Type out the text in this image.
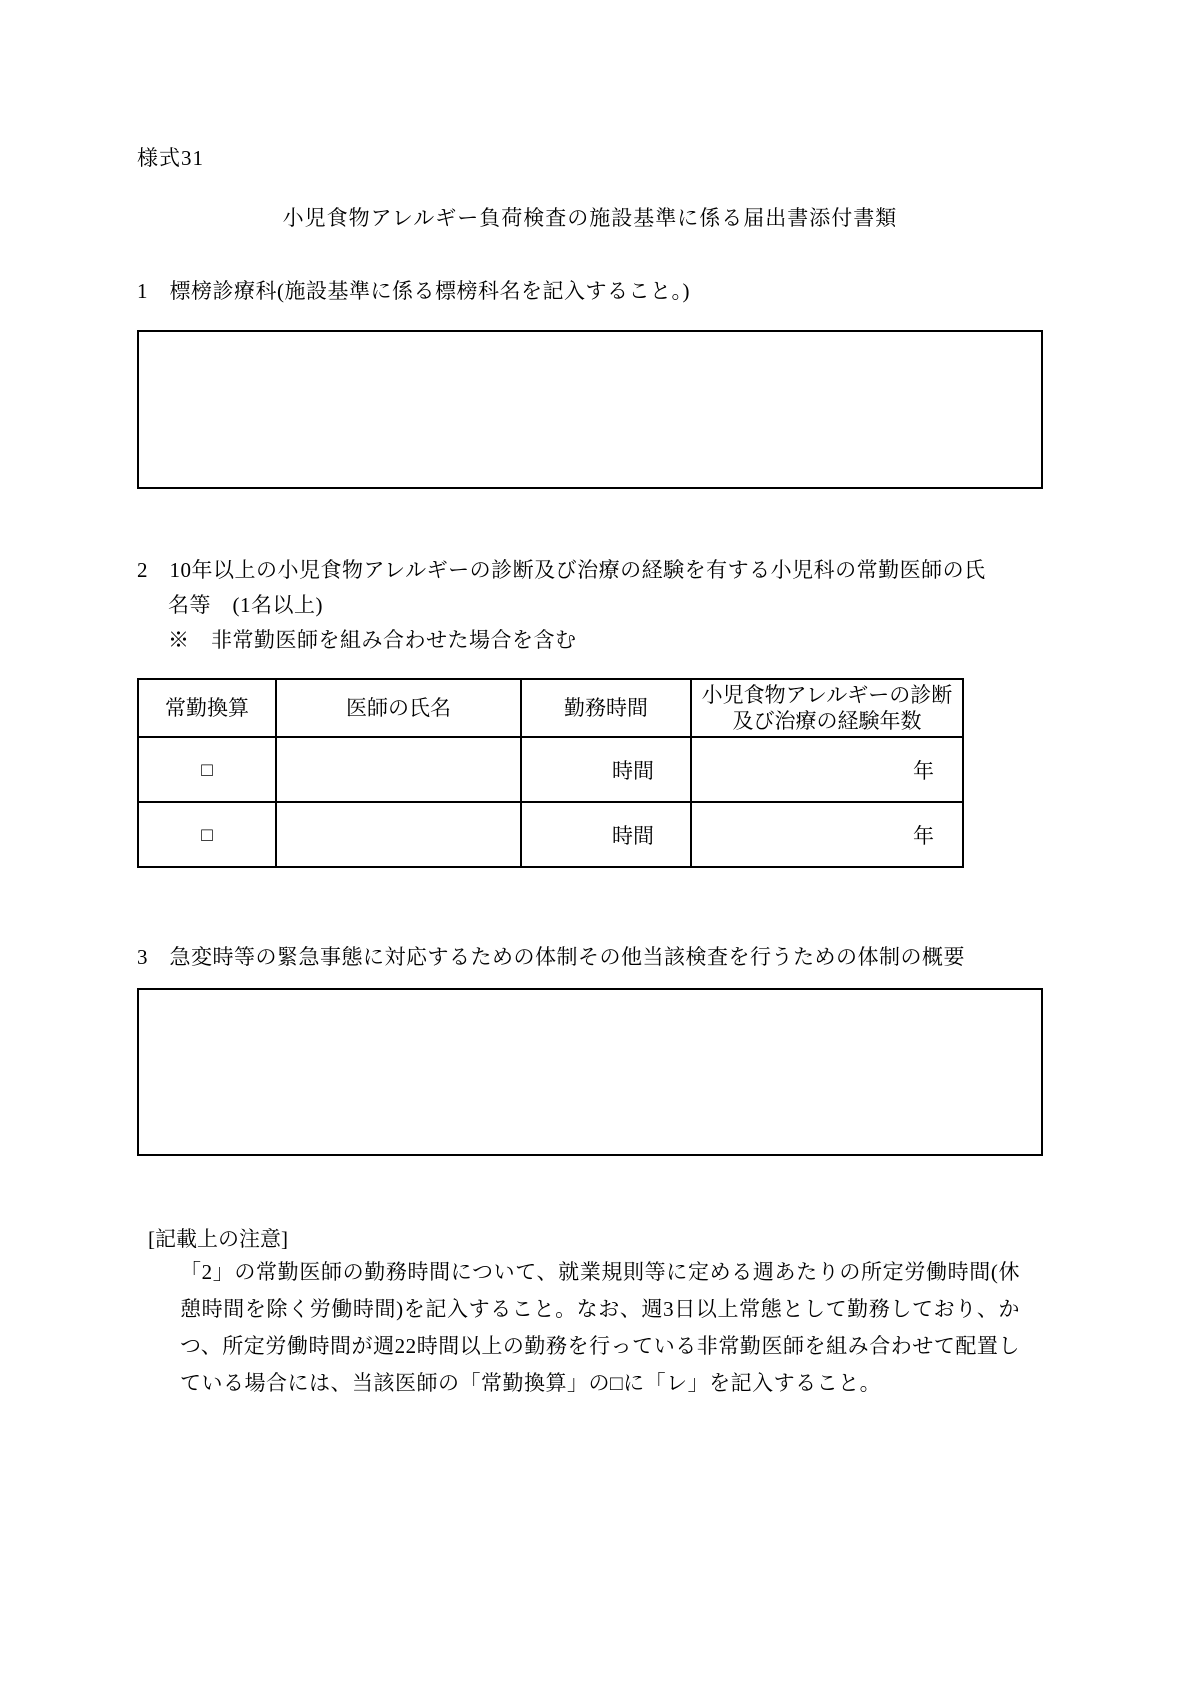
様式31
小児食物アレルギー負荷検査の施設基準に係る届出書添付書類
1　標榜診療科(施設基準に係る標榜科名を記入すること。)
2　10年以上の小児食物アレルギーの診断及び治療の経験を有する小児科の常勤医師の氏
名等　(1名以上)
※　非常勤医師を組み合わせた場合を含む
常勤換算	医師の氏名	勤務時間	小児食物アレルギーの診断
及び治療の経験年数
□		時間	年
□		時間	年
3　急変時等の緊急事態に対応するための体制その他当該検査を行うための体制の概要
[記載上の注意]
「2」の常勤医師の勤務時間について、就業規則等に定める週あたりの所定労働時間(休憩時間を除く労働時間)を記入すること。なお、週3日以上常態として勤務しており、かつ、所定労働時間が週22時間以上の勤務を行っている非常勤医師を組み合わせて配置している場合には、当該医師の「常勤換算」の□に「レ」を記入すること。
